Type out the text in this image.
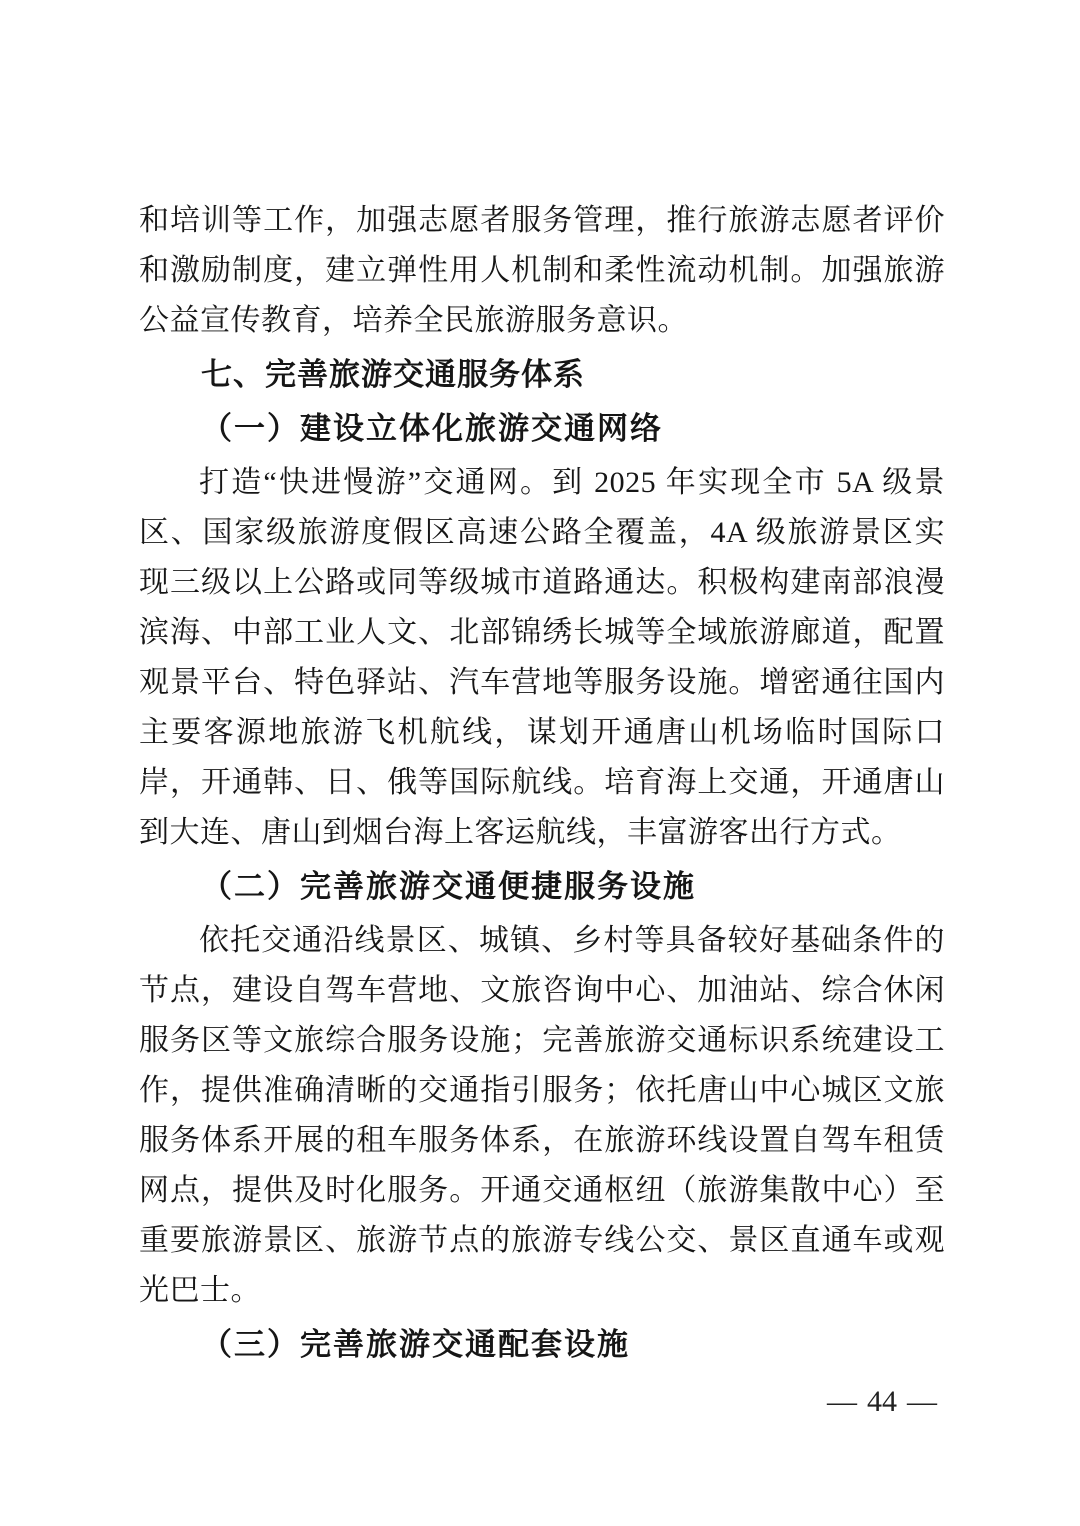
和培训等工作，加强志愿者服务管理，推行旅游志愿者评价和激励制度，建立弹性用人机制和柔性流动机制。加强旅游公益宣传教育，培养全民旅游服务意识。

七、完善旅游交通服务体系
（一）建设立体化旅游交通网络

打造“快进慢游”交通网。到 2025 年实现全市 5A 级景区、国家级旅游度假区高速公路全覆盖，4A 级旅游景区实现三级以上公路或同等级城市道路通达。积极构建南部浪漫滨海、中部工业人文、北部锦绣长城等全域旅游廊道，配置观景平台、特色驿站、汽车营地等服务设施。增密通往国内主要客源地旅游飞机航线，谋划开通唐山机场临时国际口岸，开通韩、日、俄等国际航线。培育海上交通，开通唐山到大连、唐山到烟台海上客运航线，丰富游客出行方式。

（二）完善旅游交通便捷服务设施

依托交通沿线景区、城镇、乡村等具备较好基础条件的节点，建设自驾车营地、文旅咨询中心、加油站、综合休闲服务区等文旅综合服务设施；完善旅游交通标识系统建设工作，提供准确清晰的交通指引服务；依托唐山中心城区文旅服务体系开展的租车服务体系，在旅游环线设置自驾车租赁网点，提供及时化服务。开通交通枢纽（旅游集散中心）至重要旅游景区、旅游节点的旅游专线公交、景区直通车或观光巴士。

（三）完善旅游交通配套设施
— 44 —
